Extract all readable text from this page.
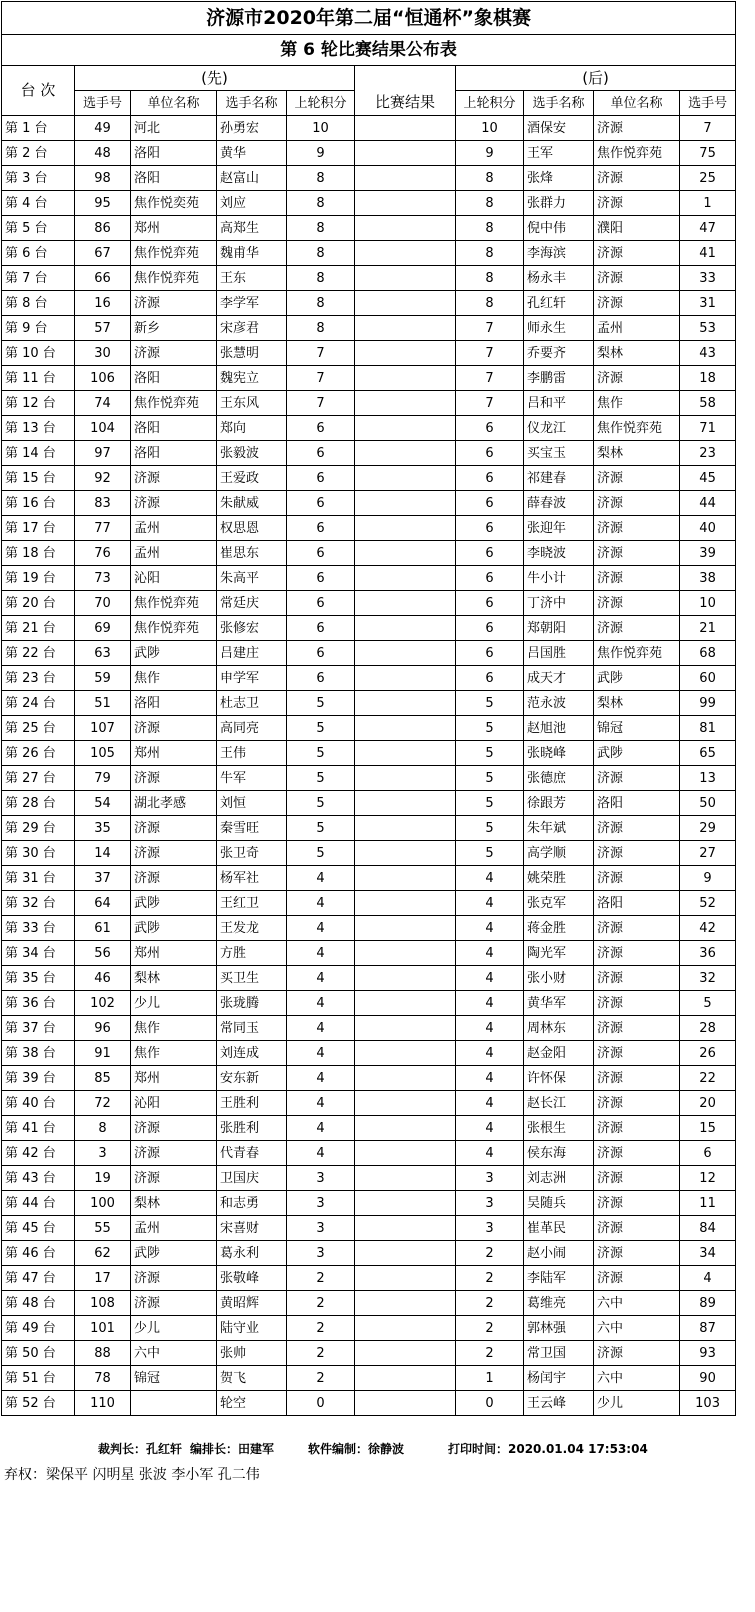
济源市2020年第二届“恒通杯”象棋赛									
第 6 轮比赛结果公布表									
台 次	(先)				比赛结果	(后)			
	选手号	单位名称	选手名称	上轮积分		上轮积分	选手名称	单位名称	选手号
第 1 台	49	河北	孙勇宏	10		10	酒保安	济源	7
第 2 台	48	洛阳	黄华	9		9	王军	焦作悦弈苑	75
第 3 台	98	洛阳	赵富山	8		8	张烽	济源	25
第 4 台	95	焦作悦奕苑	刘应	8		8	张群力	济源	1
第 5 台	86	郑州	高郑生	8		8	倪中伟	濮阳	47
第 6 台	67	焦作悦弈苑	魏甫华	8		8	李海滨	济源	41
第 7 台	66	焦作悦弈苑	王东	8		8	杨永丰	济源	33
第 8 台	16	济源	李学军	8		8	孔红轩	济源	31
第 9 台	57	新乡	宋彦君	8		7	师永生	孟州	53
第 10 台	30	济源	张慧明	7		7	乔要齐	梨林	43
第 11 台	106	洛阳	魏宪立	7		7	李鹏雷	济源	18
第 12 台	74	焦作悦弈苑	王东风	7		7	吕和平	焦作	58
第 13 台	104	洛阳	郑向	6		6	仪龙江	焦作悦弈苑	71
第 14 台	97	洛阳	张毅波	6		6	买宝玉	梨林	23
第 15 台	92	济源	王爱政	6		6	祁建春	济源	45
第 16 台	83	济源	朱献威	6		6	薛春波	济源	44
第 17 台	77	孟州	权思恩	6		6	张迎年	济源	40
第 18 台	76	孟州	崔思东	6		6	李晓波	济源	39
第 19 台	73	沁阳	朱高平	6		6	牛小计	济源	38
第 20 台	70	焦作悦弈苑	常廷庆	6		6	丁济中	济源	10
第 21 台	69	焦作悦弈苑	张修宏	6		6	郑朝阳	济源	21
第 22 台	63	武陟	吕建庄	6		6	吕国胜	焦作悦弈苑	68
第 23 台	59	焦作	申学军	6		6	成天才	武陟	60
第 24 台	51	洛阳	杜志卫	5		5	范永波	梨林	99
第 25 台	107	济源	高同亮	5		5	赵旭池	锦冠	81
第 26 台	105	郑州	王伟	5		5	张晓峰	武陟	65
第 27 台	79	济源	牛军	5		5	张德庶	济源	13
第 28 台	54	湖北孝感	刘恒	5		5	徐跟芳	洛阳	50
第 29 台	35	济源	秦雪旺	5		5	朱年斌	济源	29
第 30 台	14	济源	张卫奇	5		5	高学顺	济源	27
第 31 台	37	济源	杨军社	4		4	姚荣胜	济源	9
第 32 台	64	武陟	王红卫	4		4	张克军	洛阳	52
第 33 台	61	武陟	王发龙	4		4	蒋金胜	济源	42
第 34 台	56	郑州	方胜	4		4	陶光军	济源	36
第 35 台	46	梨林	买卫生	4		4	张小财	济源	32
第 36 台	102	少儿	张珑腾	4		4	黄华军	济源	5
第 37 台	96	焦作	常同玉	4		4	周林东	济源	28
第 38 台	91	焦作	刘连成	4		4	赵金阳	济源	26
第 39 台	85	郑州	安东新	4		4	许怀保	济源	22
第 40 台	72	沁阳	王胜利	4		4	赵长江	济源	20
第 41 台	8	济源	张胜利	4		4	张根生	济源	15
第 42 台	3	济源	代青春	4		4	侯东海	济源	6
第 43 台	19	济源	卫国庆	3		3	刘志洲	济源	12
第 44 台	100	梨林	和志勇	3		3	吴随兵	济源	11
第 45 台	55	孟州	宋喜财	3		3	崔革民	济源	84
第 46 台	62	武陟	葛永利	3		2	赵小闹	济源	34
第 47 台	17	济源	张敬峰	2		2	李陆军	济源	4
第 48 台	108	济源	黄昭辉	2		2	葛维亮	六中	89
第 49 台	101	少儿	陆守业	2		2	郭林强	六中	87
第 50 台	88	六中	张帅	2		2	常卫国	济源	93
第 51 台	78	锦冠	贺飞	2		1	杨闰宇	六中	90
第 52 台	110		轮空	0		0	王云峰	少儿	103
裁判长：孔红轩 编排长：田建军	软件编制：徐静波	打印时间：2020.01.04 17:53:04
弃权：梁保平 闪明星 张波 李小军 孔二伟
